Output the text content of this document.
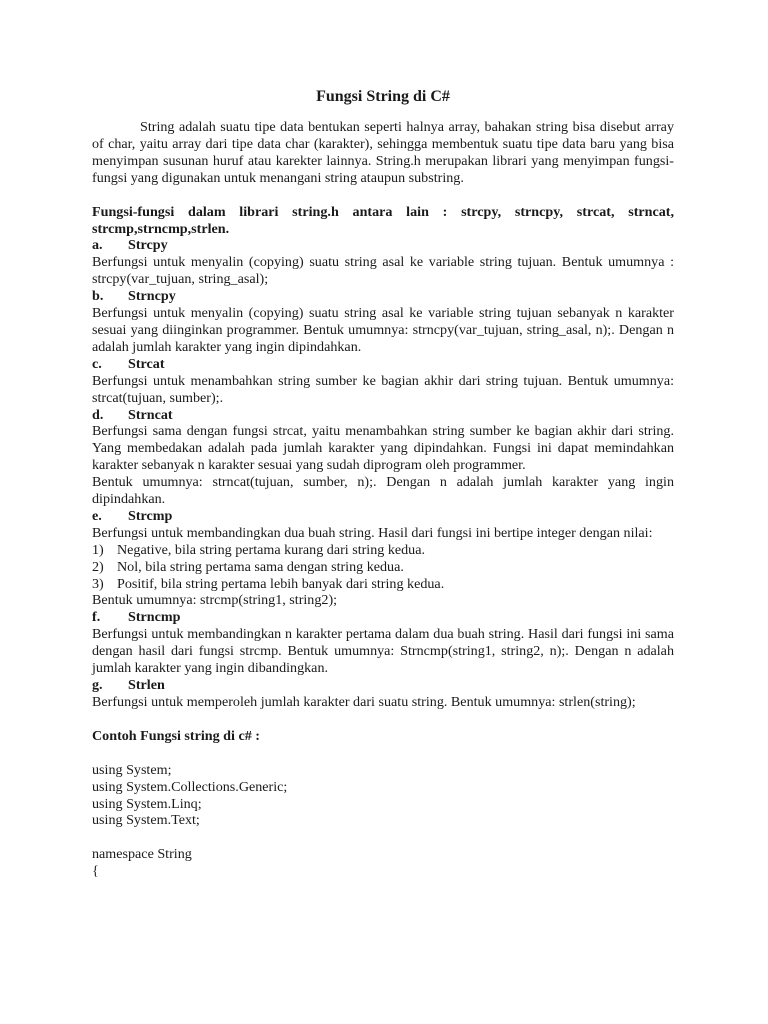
Fungsi String di C#

String adalah suatu tipe data bentukan seperti halnya array, bahakan string bisa disebut array of char, yaitu array dari tipe data char (karakter), sehingga membentuk suatu tipe data baru yang bisa menyimpan susunan huruf atau karekter lainnya. String.h merupakan librari yang menyimpan fungsi-fungsi yang digunakan untuk menangani string ataupun substring.

Fungsi-fungsi dalam librari string.h antara lain : strcpy, strncpy, strcat, strncat, strcmp,strncmp,strlen.

a.	Strcpy

Berfungsi untuk menyalin (copying) suatu string asal ke variable string tujuan. Bentuk umumnya : strcpy(var_tujuan, string_asal);

b.	Strncpy

Berfungsi untuk menyalin (copying) suatu string asal ke variable string tujuan sebanyak n karakter sesuai yang diinginkan programmer. Bentuk umumnya: strncpy(var_tujuan, string_asal, n);. Dengan n adalah jumlah karakter yang ingin dipindahkan.

c.	Strcat

Berfungsi untuk menambahkan string sumber ke bagian akhir dari string tujuan. Bentuk umumnya: strcat(tujuan, sumber);.

d.	Strncat

Berfungsi sama dengan fungsi strcat, yaitu menambahkan string sumber ke bagian akhir dari string. Yang membedakan adalah pada jumlah karakter yang dipindahkan. Fungsi ini dapat memindahkan karakter sebanyak n karakter sesuai yang sudah diprogram oleh programmer.

Bentuk umumnya: strncat(tujuan, sumber, n);. Dengan n adalah jumlah karakter yang ingin dipindahkan.

e.	Strcmp

Berfungsi untuk membandingkan dua buah string. Hasil dari fungsi ini bertipe integer dengan nilai:

1) Negative, bila string pertama kurang dari string kedua.
2) Nol, bila string pertama sama dengan string kedua.
3) Positif, bila string pertama lebih banyak dari string kedua.

Bentuk umumnya: strcmp(string1, string2);

f.	Strncmp

Berfungsi untuk membandingkan n karakter pertama dalam dua buah string. Hasil dari fungsi ini sama dengan hasil dari fungsi strcmp. Bentuk umumnya: Strncmp(string1, string2, n);. Dengan n adalah jumlah karakter yang ingin dibandingkan.

g.	Strlen

Berfungsi untuk memperoleh jumlah karakter dari suatu string. Bentuk umumnya: strlen(string);

Contoh Fungsi string di c# :

using System;
using System.Collections.Generic;
using System.Linq;
using System.Text;
namespace String
{
